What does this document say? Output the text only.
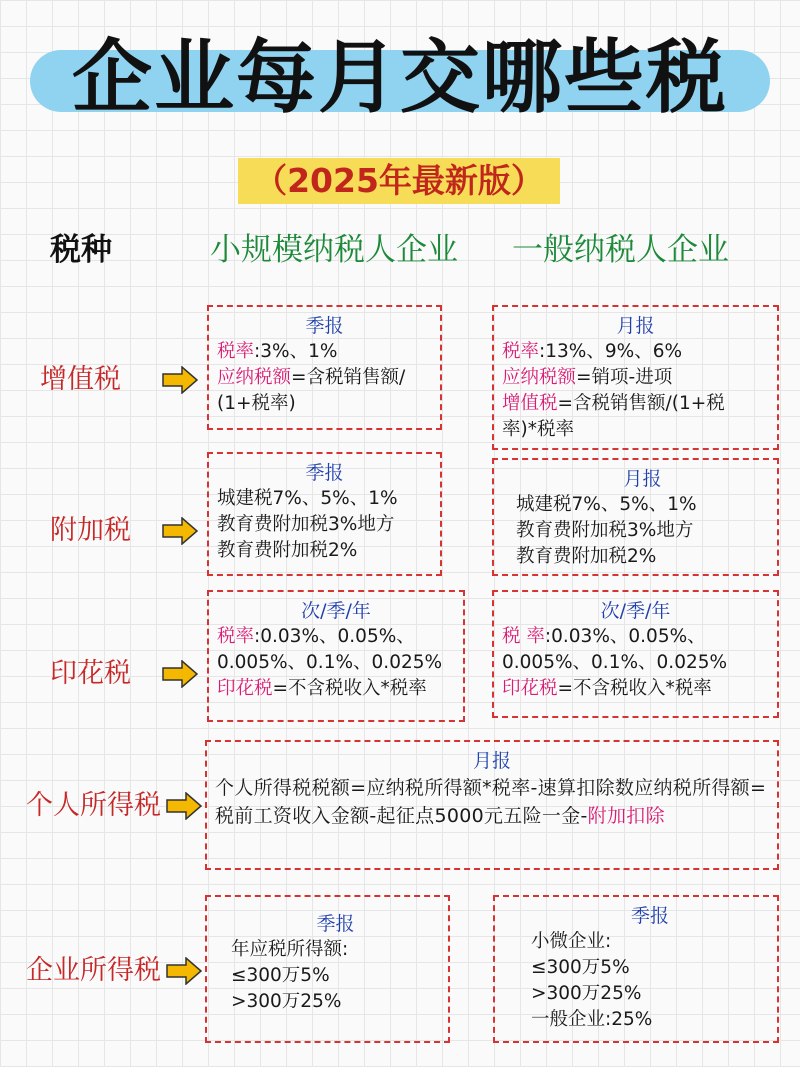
企业每月交哪些税
（2025年最新版）
税种	小规模纳税人企业 一般纳税人企业
增值税
季报
税率:3%、1%
应纳税额=含税销售额/
(1+税率)
月报
税率:13%、9%、6%
应纳税额=销项-进项
增值税=含税销售额/(1+税
率)*税率
附加税
季报
城建税7%、5%、1%
教育费附加税3%地方
教育费附加税2%
月报
城建税7%、5%、1%
教育费附加税3%地方
教育费附加税2%
印花税
次/季/年
税率:0.03%、0.05%、
0.005%、0.1%、0.025%
印花税=不含税收入*税率
次/季/年
税 率:0.03%、0.05%、
0.005%、0.1%、0.025%
印花税=不含税收入*税率
个人所得税
月报
个人所得税税额=应纳税所得额*税率-速算扣除数应纳税所得额=税前工资收入金额-起征点5000元五险一金-附加扣除
企业所得税
季报
年应税所得额:
≤300万5%
>300万25%
季报
小微企业:
≤300万5%
>300万25%
一般企业:25%
